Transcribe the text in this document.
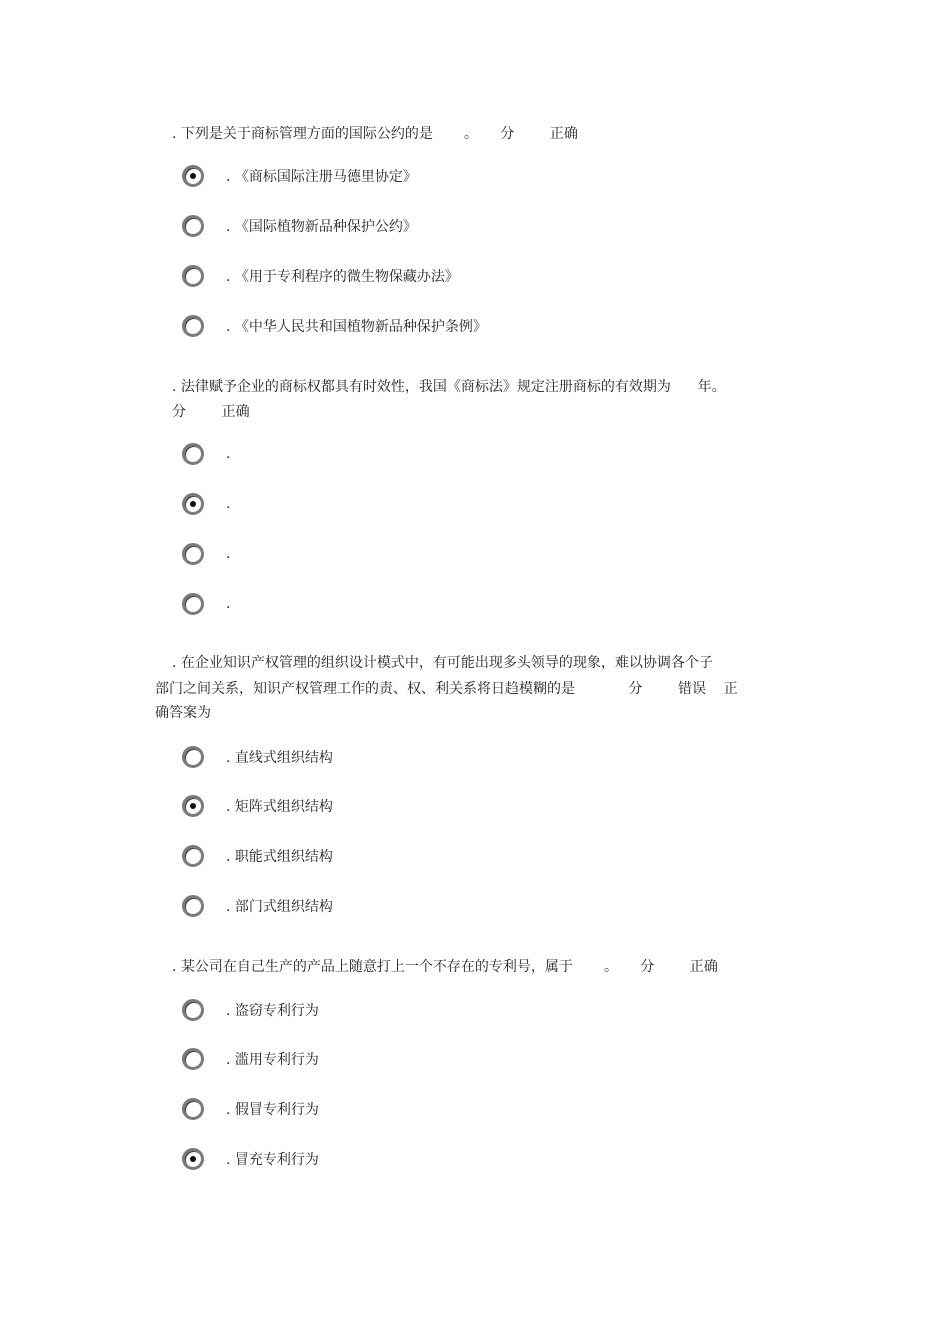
. 下列是关于商标管理方面的国际公约的是       。     分        正确
. 《商标国际注册马德里协定》
. 《国际植物新品种保护公约》
. 《用于专利程序的微生物保藏办法》
. 《中华人民共和国植物新品种保护条例》
. 法律赋予企业的商标权都具有时效性，我国《商标法》规定注册商标的有效期为      年。
分        正确
.
.
.
.
. 在企业知识产权管理的组织设计模式中，有可能出现多头领导的现象，难以协调各个子
部门之间关系，知识产权管理工作的责、权、利关系将日趋模糊的是            分        错误    正
确答案为
. 直线式组织结构
. 矩阵式组织结构
. 职能式组织结构
. 部门式组织结构
. 某公司在自己生产的产品上随意打上一个不存在的专利号，属于       。     分        正确
. 盗窃专利行为
. 滥用专利行为
. 假冒专利行为
. 冒充专利行为
